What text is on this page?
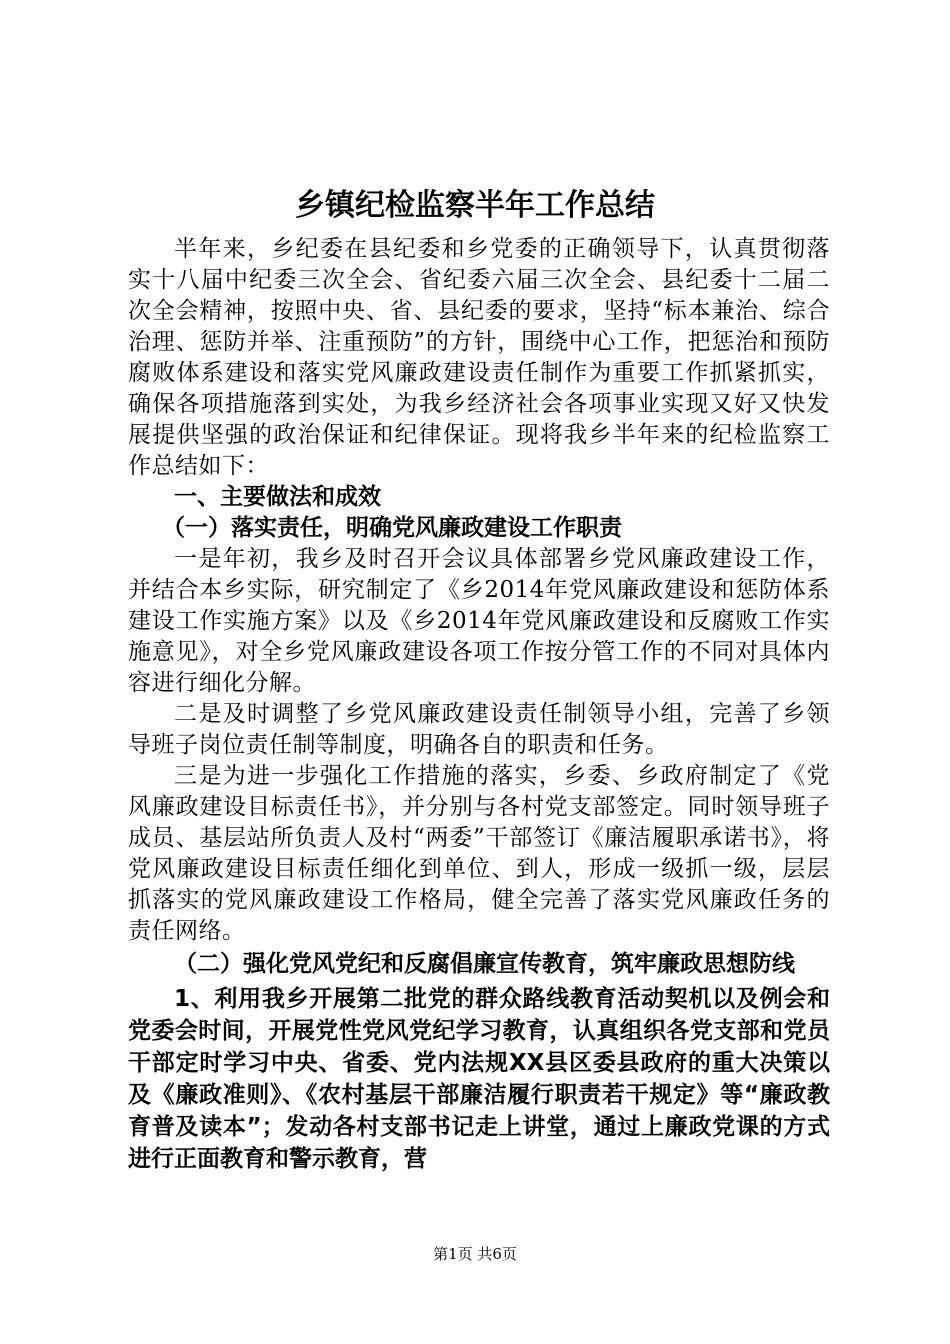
乡镇纪检监察半年工作总结

半年来，乡纪委在县纪委和乡党委的正确领导下，认真贯彻落实十八届中纪委三次全会、省纪委六届三次全会、县纪委十二届二次全会精神，按照中央、省、县纪委的要求，坚持“标本兼治、综合治理、惩防并举、注重预防”的方针，围绕中心工作，把惩治和预防腐败体系建设和落实党风廉政建设责任制作为重要工作抓紧抓实，确保各项措施落到实处，为我乡经济社会各项事业实现又好又快发展提供坚强的政治保证和纪律保证。现将我乡半年来的纪检监察工作总结如下：

一、主要做法和成效

（一）落实责任，明确党风廉政建设工作职责

一是年初，我乡及时召开会议具体部署乡党风廉政建设工作，并结合本乡实际，研究制定了《乡2014年党风廉政建设和惩防体系建设工作实施方案》以及《乡2014年党风廉政建设和反腐败工作实施意见》，对全乡党风廉政建设各项工作按分管工作的不同对具体内容进行细化分解。

二是及时调整了乡党风廉政建设责任制领导小组，完善了乡领导班子岗位责任制等制度，明确各自的职责和任务。

三是为进一步强化工作措施的落实，乡委、乡政府制定了《党风廉政建设目标责任书》，并分别与各村党支部签定。同时领导班子成员、基层站所负责人及村“两委”干部签订《廉洁履职承诺书》，将党风廉政建设目标责任细化到单位、到人，形成一级抓一级，层层抓落实的党风廉政建设工作格局，健全完善了落实党风廉政任务的责任网络。

（二）强化党风党纪和反腐倡廉宣传教育，筑牢廉政思想防线

1、利用我乡开展第二批党的群众路线教育活动契机以及例会和党委会时间，开展党性党风党纪学习教育，认真组织各党支部和党员干部定时学习中央、省委、党内法规XX县区委县政府的重大决策以及《廉政准则》、《农村基层干部廉洁履行职责若干规定》等“廉政教育普及读本”；发动各村支部书记走上讲堂，通过上廉政党课的方式进行正面教育和警示教育，营

第1页 共6页
